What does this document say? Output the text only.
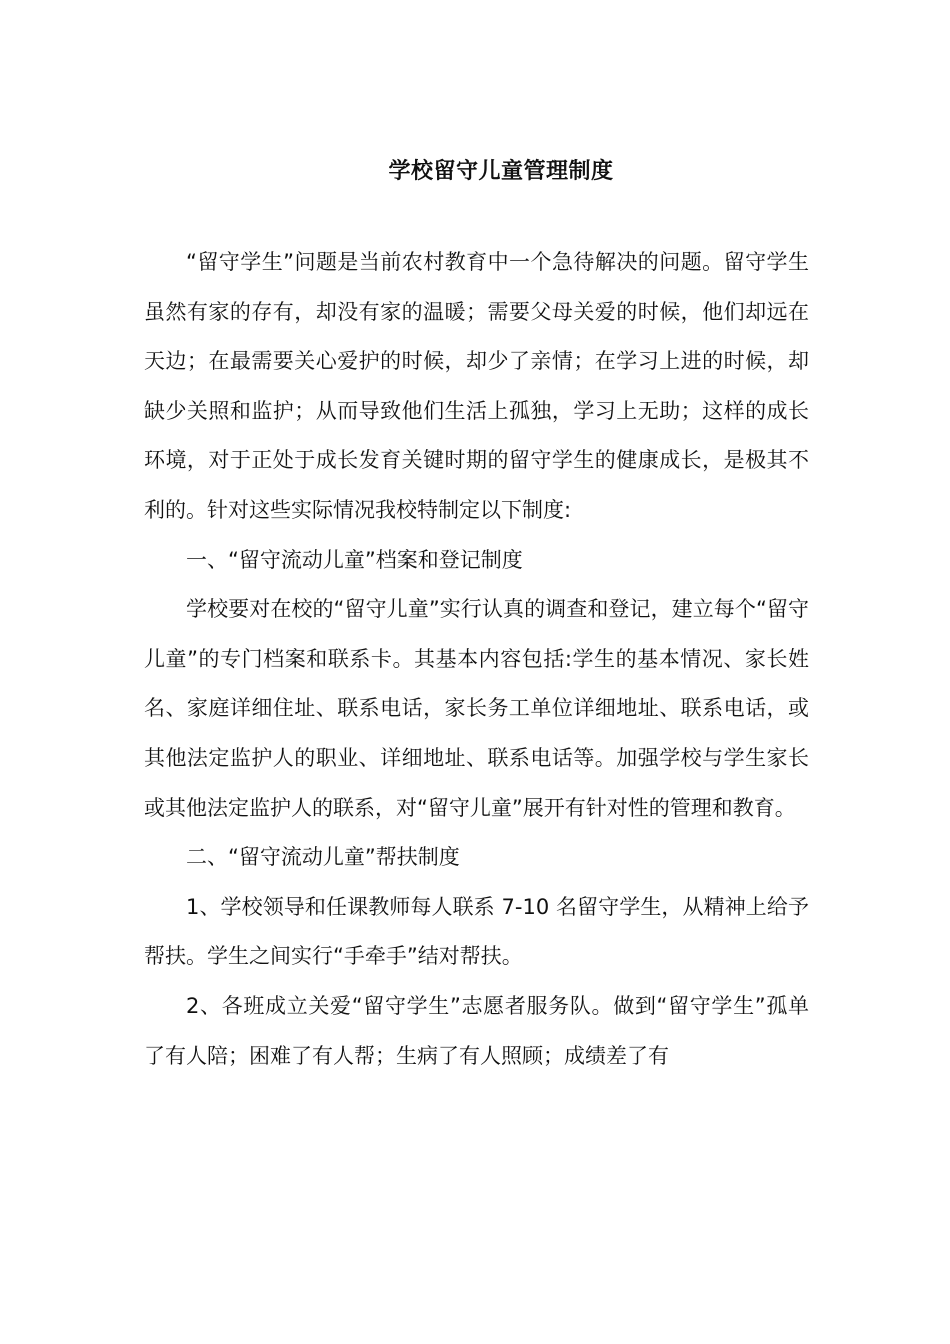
学校留守儿童管理制度

“留守学生”问题是当前农村教育中一个急待解决的问题。留守学生虽然有家的存有，却没有家的温暖；需要父母关爱的时候，他们却远在天边；在最需要关心爱护的时候，却少了亲情；在学习上进的时候，却缺少关照和监护；从而导致他们生活上孤独，学习上无助；这样的成长环境，对于正处于成长发育关键时期的留守学生的健康成长，是极其不利的。针对这些实际情况我校特制定以下制度:

一、“留守流动儿童”档案和登记制度

学校要对在校的“留守儿童”实行认真的调查和登记，建立每个“留守儿童”的专门档案和联系卡。其基本内容包括:学生的基本情况、家长姓名、家庭详细住址、联系电话，家长务工单位详细地址、联系电话，或其他法定监护人的职业、详细地址、联系电话等。加强学校与学生家长或其他法定监护人的联系，对“留守儿童”展开有针对性的管理和教育。

二、“留守流动儿童”帮扶制度

1、学校领导和任课教师每人联系 7-10 名留守学生，从精神上给予帮扶。学生之间实行“手牵手”结对帮扶。

2、各班成立关爱“留守学生”志愿者服务队。做到“留守学生”孤单了有人陪；困难了有人帮；生病了有人照顾；成绩差了有
